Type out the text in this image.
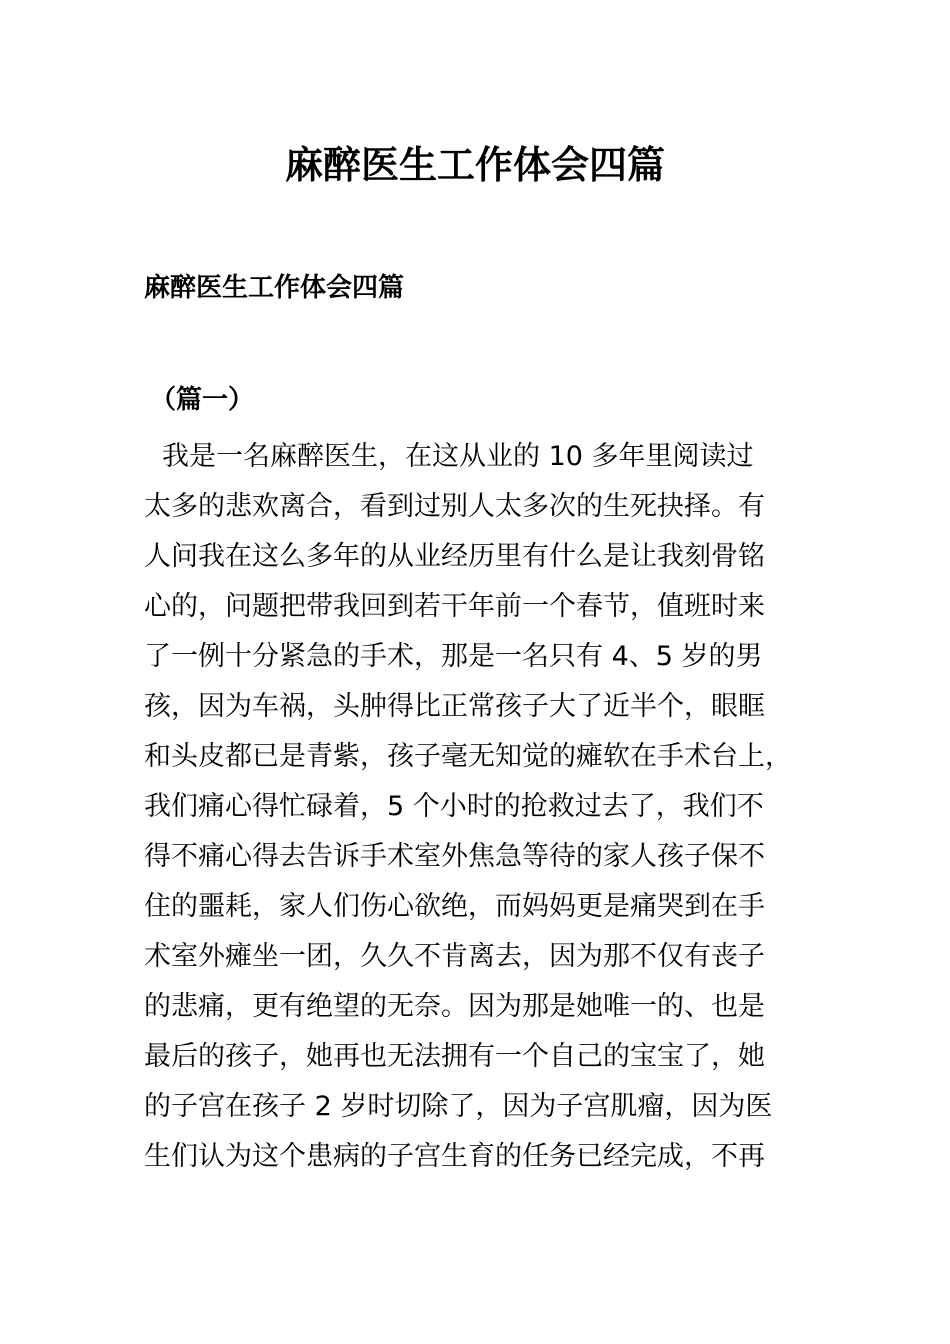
麻醉医生工作体会四篇
麻醉医生工作体会四篇
（篇一）
我是一名麻醉医生，在这从业的 10 多年里阅读过
太多的悲欢离合，看到过别人太多次的生死抉择。有
人问我在这么多年的从业经历里有什么是让我刻骨铭
心的，问题把带我回到若干年前一个春节，值班时来
了一例十分紧急的手术，那是一名只有 4、5 岁的男
孩，因为车祸，头肿得比正常孩子大了近半个，眼眶
和头皮都已是青紫，孩子毫无知觉的瘫软在手术台上，
我们痛心得忙碌着，5 个小时的抢救过去了，我们不
得不痛心得去告诉手术室外焦急等待的家人孩子保不
住的噩耗，家人们伤心欲绝，而妈妈更是痛哭到在手
术室外瘫坐一团，久久不肯离去，因为那不仅有丧子
的悲痛，更有绝望的无奈。因为那是她唯一的、也是
最后的孩子，她再也无法拥有一个自己的宝宝了，她
的子宫在孩子 2 岁时切除了，因为子宫肌瘤，因为医
生们认为这个患病的子宫生育的任务已经完成，不再
